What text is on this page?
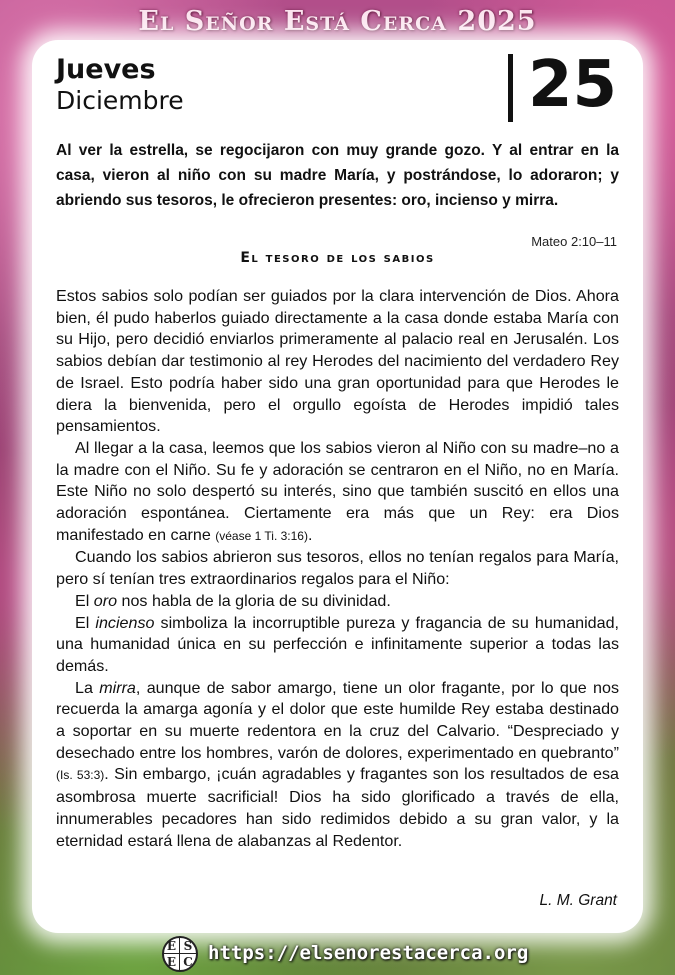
El Señor Está Cerca 2025
Jueves
Diciembre	25
Al ver la estrella, se regocijaron con muy grande gozo. Y al entrar en la casa, vieron al niño con su madre María, y postrándose, lo adoraron; y abriendo sus tesoros, le ofrecieron presentes: oro, incienso y mirra.
Mateo 2:10–11
El tesoro de los sabios

Estos sabios solo podían ser guiados por la clara intervención de Dios. Ahora bien, él pudo haberlos guiado directamente a la casa donde estaba María con su Hijo, pero decidió enviarlos primeramente al palacio real en Jerusalén. Los sabios debían dar testimonio al rey Herodes del nacimiento del verdadero Rey de Israel. Esto podría haber sido una gran oportunidad para que Herodes le diera la bienvenida, pero el orgullo egoísta de Herodes impidió tales pensamientos.

Al llegar a la casa, leemos que los sabios vieron al Niño con su madre–no a la madre con el Niño. Su fe y adoración se centraron en el Niño, no en María. Este Niño no solo despertó su interés, sino que también suscitó en ellos una adoración espontánea. Ciertamente era más que un Rey: era Dios manifestado en carne (véase 1 Ti. 3:16).

Cuando los sabios abrieron sus tesoros, ellos no tenían regalos para María, pero sí tenían tres extraordinarios regalos para el Niño:

El oro nos habla de la gloria de su divinidad.

El incienso simboliza la incorruptible pureza y fragancia de su humanidad, una humanidad única en su perfección e infinitamente superior a todas las demás.

La mirra, aunque de sabor amargo, tiene un olor fragante, por lo que nos recuerda la amarga agonía y el dolor que este humilde Rey estaba destinado a soportar en su muerte redentora en la cruz del Calvario. “Despreciado y desechado entre los hombres, varón de dolores, experimentado en quebranto” (Is. 53:3). Sin embargo, ¡cuán agradables y fragantes son los resultados de esa asombrosa muerte sacrificial! Dios ha sido glorificado a través de ella, innumerables pecadores han sido redimidos debido a su gran valor, y la eternidad estará llena de alabanzas al Redentor.

L. M. Grant
E S
E C https://elsenorestacerca.org
